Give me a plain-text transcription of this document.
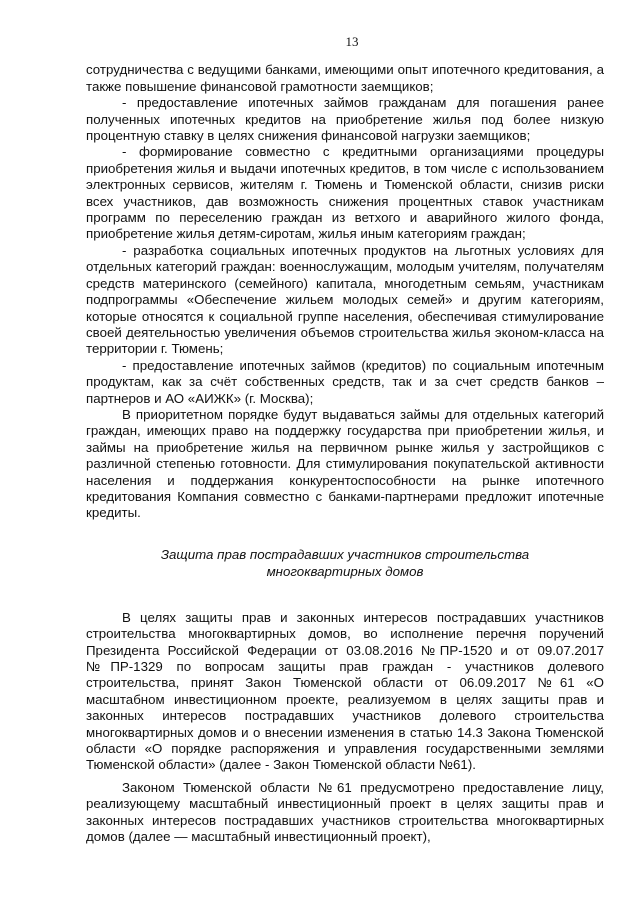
13

сотрудничества с ведущими банками, имеющими опыт ипотечного кредитования, а также повышение финансовой грамотности заемщиков;

- предоставление ипотечных займов гражданам для погашения ранее полученных ипотечных кредитов на приобретение жилья под более низкую процентную ставку в целях снижения финансовой нагрузки заемщиков;

- формирование совместно с кредитными организациями процедуры приобретения жилья и выдачи ипотечных кредитов, в том числе с использованием электронных сервисов, жителям г. Тюмень и Тюменской области, снизив риски всех участников, дав возможность снижения процентных ставок участникам программ по переселению граждан из ветхого и аварийного жилого фонда, приобретение жилья детям-сиротам, жилья иным категориям граждан;

- разработка социальных ипотечных продуктов на льготных условиях для отдельных категорий граждан: военнослужащим, молодым учителям, получателям средств материнского (семейного) капитала, многодетным семьям, участникам подпрограммы «Обеспечение жильем молодых семей» и другим категориям, которые относятся к социальной группе населения, обеспечивая стимулирование своей деятельностью увеличения объемов строительства жилья эконом-класса на территории г. Тюмень;

- предоставление ипотечных займов (кредитов) по социальным ипотечным продуктам, как за счёт собственных средств, так и за счет средств банков – партнеров и АО «АИЖК» (г. Москва);

В приоритетном порядке будут выдаваться займы для отдельных категорий граждан, имеющих право на поддержку государства при приобретении жилья, и займы на приобретение жилья на первичном рынке жилья у застройщиков с различной степенью готовности. Для стимулирования покупательской активности населения и поддержания конкурентоспособности на рынке ипотечного кредитования Компания совместно с банками-партнерами предложит ипотечные кредиты.

Защита прав пострадавших участников строительства
многоквартирных домов

В целях защиты прав и законных интересов пострадавших участников строительства многоквартирных домов, во исполнение перечня поручений Президента Российской Федерации от 03.08.2016 №ПР-1520 и от 09.07.2017 №ПР-1329 по вопросам защиты прав граждан - участников долевого строительства, принят Закон Тюменской области от 06.09.2017 №61 «О масштабном инвестиционном проекте, реализуемом в целях защиты прав и законных интересов пострадавших участников долевого строительства многоквартирных домов и о внесении изменения в статью 14.3 Закона Тюменской области «О порядке распоряжения и управления государственными землями Тюменской области» (далее - Закон Тюменской области №61).

Законом Тюменской области №61 предусмотрено предоставление лицу, реализующему масштабный инвестиционный проект в целях защиты прав и законных интересов пострадавших участников строительства многоквартирных домов (далее — масштабный инвестиционный проект),
